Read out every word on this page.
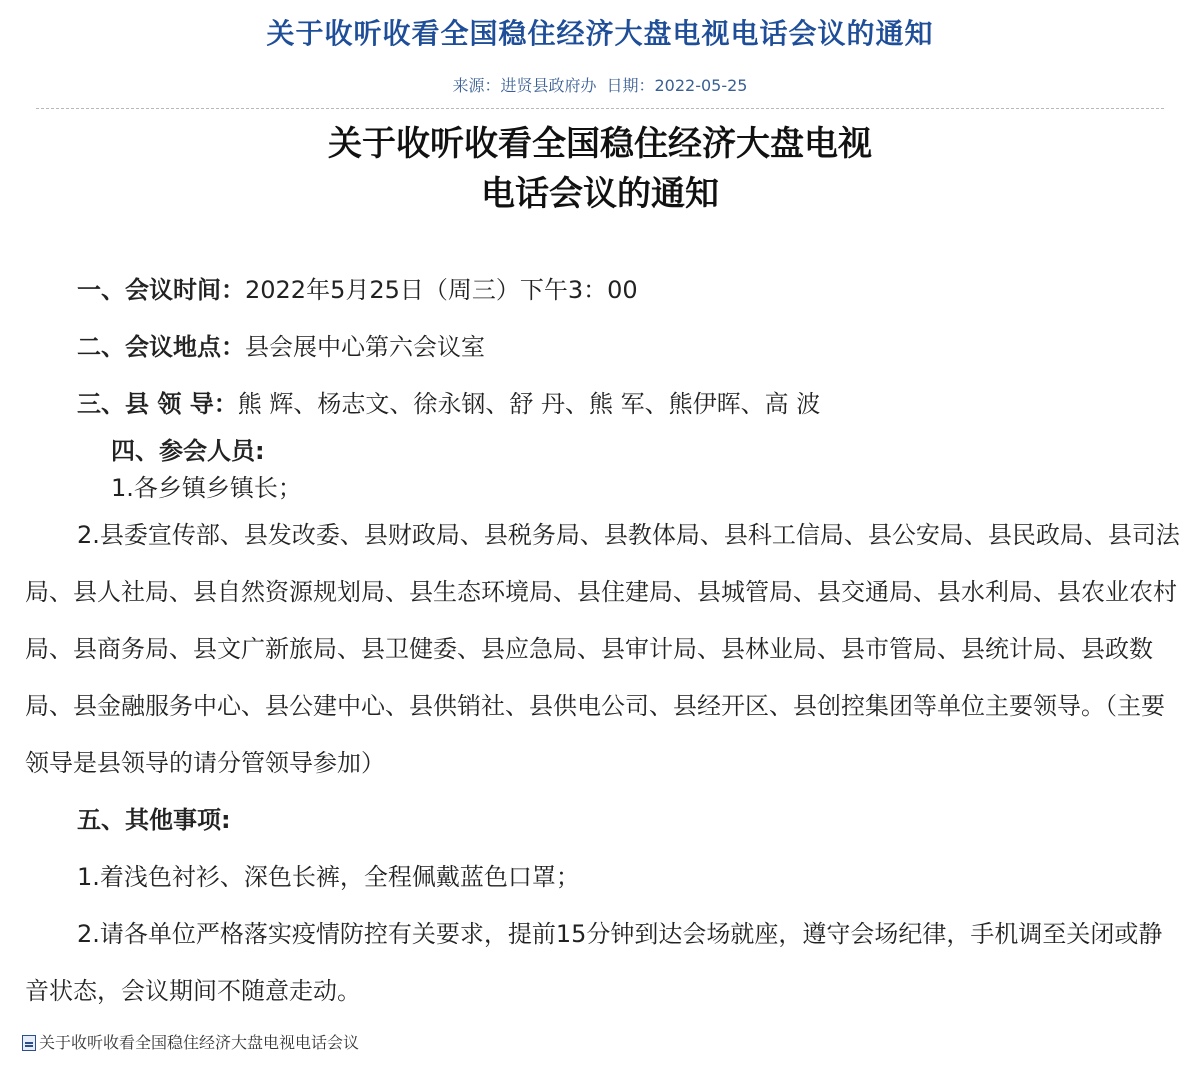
关于收听收看全国稳住经济大盘电视电话会议的通知
来源：进贤县政府办 日期：2022-05-25
关于收听收看全国稳住经济大盘电视
电话会议的通知

一、会议时间：2022年5月25日（周三）下午3：00

二、会议地点：县会展中心第六会议室

三、县 领 导：熊 辉、杨志文、徐永钢、舒 丹、熊 军、熊伊晖、高 波

四、参会人员:

1.各乡镇乡镇长；

2.县委宣传部、县发改委、县财政局、县税务局、县教体局、县科工信局、县公安局、县民政局、县司法局、县人社局、县自然资源规划局、县生态环境局、县住建局、县城管局、县交通局、县水利局、县农业农村局、县商务局、县文广新旅局、县卫健委、县应急局、县审计局、县林业局、县市管局、县统计局、县政数局、县金融服务中心、县公建中心、县供销社、县供电公司、县经开区、县创控集团等单位主要领导。（主要领导是县领导的请分管领导参加）

五、其他事项:

1.着浅色衬衫、深色长裤，全程佩戴蓝色口罩；

2.请各单位严格落实疫情防控有关要求，提前15分钟到达会场就座，遵守会场纪律，手机调至关闭或静音状态，会议期间不随意走动。

关于收听收看全国稳住经济大盘电视电话会议
